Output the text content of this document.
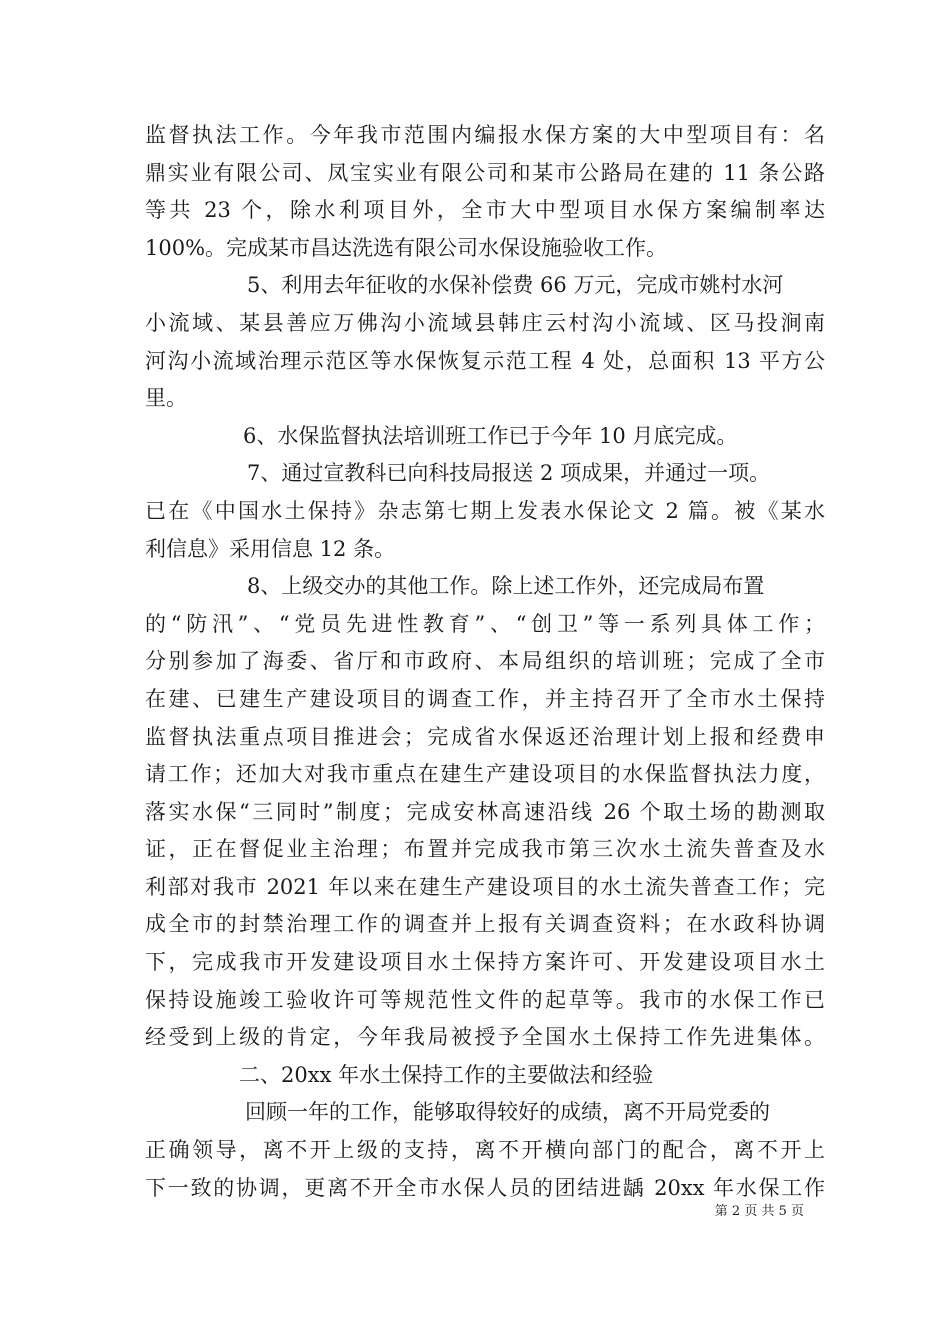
监督执法工作。今年我市范围内编报水保方案的大中型项目有：名
鼎实业有限公司、凤宝实业有限公司和某市公路局在建的 11 条公路
等共 23 个，除水利项目外，全市大中型项目水保方案编制率达
100%。完成某市昌达洗选有限公司水保设施验收工作。
5、利用去年征收的水保补偿费 66 万元，完成市姚村水河
小流域、某县善应万佛沟小流域县韩庄云村沟小流域、区马投涧南
河沟小流域治理示范区等水保恢复示范工程 4 处，总面积 13 平方公
里。
6、水保监督执法培训班工作已于今年 10 月底完成。
7、通过宣教科已向科技局报送 2 项成果，并通过一项。
已在《中国水土保持》杂志第七期上发表水保论文 2 篇。被《某水
利信息》采用信息 12 条。
8、上级交办的其他工作。除上述工作外，还完成局布置
的“防汛”、“党员先进性教育”、“创卫”等一系列具体工作；
分别参加了海委、省厅和市政府、本局组织的培训班；完成了全市
在建、已建生产建设项目的调查工作，并主持召开了全市水土保持
监督执法重点项目推进会；完成省水保返还治理计划上报和经费申
请工作；还加大对我市重点在建生产建设项目的水保监督执法力度，
落实水保“三同时”制度；完成安林高速沿线 26 个取土场的勘测取
证，正在督促业主治理；布置并完成我市第三次水土流失普查及水
利部对我市 2021 年以来在建生产建设项目的水土流失普查工作；完
成全市的封禁治理工作的调查并上报有关调查资料；在水政科协调
下，完成我市开发建设项目水土保持方案许可、开发建设项目水土
保持设施竣工验收许可等规范性文件的起草等。我市的水保工作已
经受到上级的肯定，今年我局被授予全国水土保持工作先进集体。
二、20xx 年水土保持工作的主要做法和经验
回顾一年的工作，能够取得较好的成绩，离不开局党委的
正确领导，离不开上级的支持，离不开横向部门的配合，离不开上
下一致的协调，更离不开全市水保人员的团结进龋 20xx 年水保工作
第 2 页 共 5 页
